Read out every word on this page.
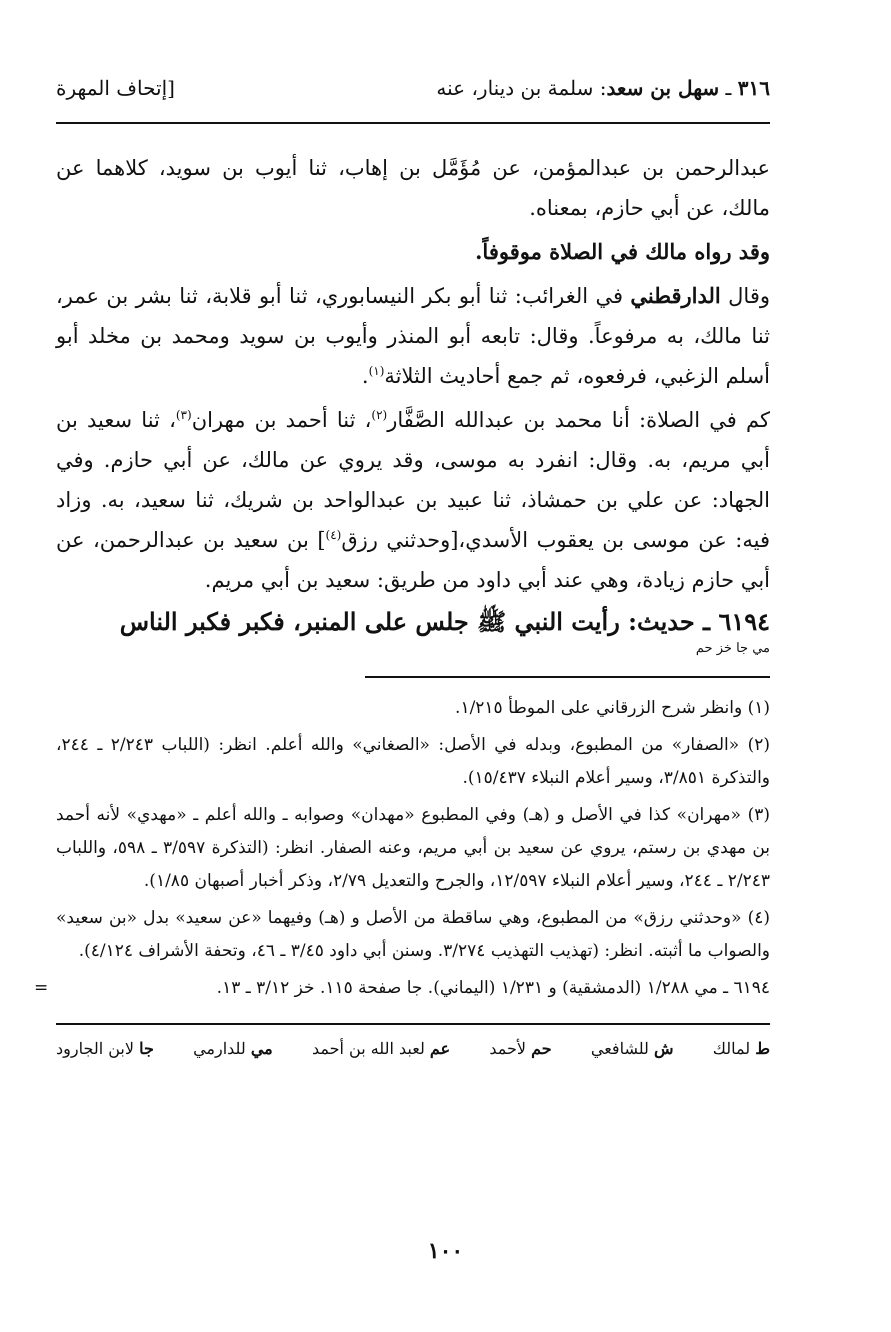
٣١٦ ـ سهل بن سعد: سلمة بن دينار، عنه
[إتحاف المهرة

عبدالرحمن بن عبدالمؤمن، عن مُؤَمَّل بن إهاب، ثنا أيوب بن سويد، كلاهما عن مالك، عن أبي حازم، بمعناه.

وقد رواه مالك في الصلاة موقوفاً.

وقال الدارقطني في الغرائب: ثنا أبو بكر النيسابوري، ثنا أبو قلابة، ثنا بشر بن عمر، ثنا مالك، به مرفوعاً. وقال: تابعه أبو المنذر وأيوب بن سويد ومحمد بن مخلد أبو أسلم الزغبي، فرفعوه، ثم جمع أحاديث الثلاثة$^{(١)}$.

كم في الصلاة: أنا محمد بن عبدالله الصَّفَّار$^{(٢)}$، ثنا أحمد بن مهران$^{(٣)}$، ثنا سعيد بن أبي مريم، به. وقال: انفرد به موسى، وقد يروي عن مالك، عن أبي حازم. وفي الجهاد: عن علي بن حمشاذ، ثنا عبيد بن عبدالواحد بن شريك، ثنا سعيد، به. وزاد فيه: عن موسى بن يعقوب الأسدي،[وحدثني رزق$^{(٤)}$] بن سعيد بن عبدالرحمن، عن أبي حازم زيادة، وهي عند أبي داود من طريق: سعيد بن أبي مريم.

٦١٩٤ ـ حديث: رأيت النبي ﷺ جلس على المنبر، فكبر فكبر الناس
مي جا خز حم

(١) وانظر شرح الزرقاني على الموطأ ١/٢١٥.

(٢) «الصفار» من المطبوع، وبدله في الأصل: «الصغاني» والله أعلم. انظر: (اللباب ٢/٢٤٣ ـ ٢٤٤، والتذكرة ٣/٨٥١، وسير أعلام النبلاء ١٥/٤٣٧).

(٣) «مهران» كذا في الأصل و (هـ) وفي المطبوع «مهدان» وصوابه ـ والله أعلم ـ «مهدي» لأنه أحمد بن مهدي بن رستم، يروي عن سعيد بن أبي مريم، وعنه الصفار. انظر: (التذكرة ٣/٥٩٧ ـ ٥٩٨، واللباب ٢/٢٤٣ ـ ٢٤٤، وسير أعلام النبلاء ١٢/٥٩٧، والجرح والتعديل ٢/٧٩، وذكر أخبار أصبهان ١/٨٥).

(٤) «وحدثني رزق» من المطبوع، وهي ساقطة من الأصل و (هـ) وفيهما «عن سعيد» بدل «بن سعيد» والصواب ما أثبته. انظر: (تهذيب التهذيب ٣/٢٧٤. وسنن أبي داود ٣/٤٥ ـ ٤٦، وتحفة الأشراف ٤/١٢٤).

٦١٩٤ ـ مي ١/٢٨٨ (الدمشقية) و ١/٢٣١ (اليماني). جا صفحة ١١٥. خز ٣/١٢ ـ ١٣.
=

ط لمالك
ش للشافعي
حم لأحمد
عم لعبد الله بن أحمد
مي للدارمي
جا لابن الجارود
١٠٠
